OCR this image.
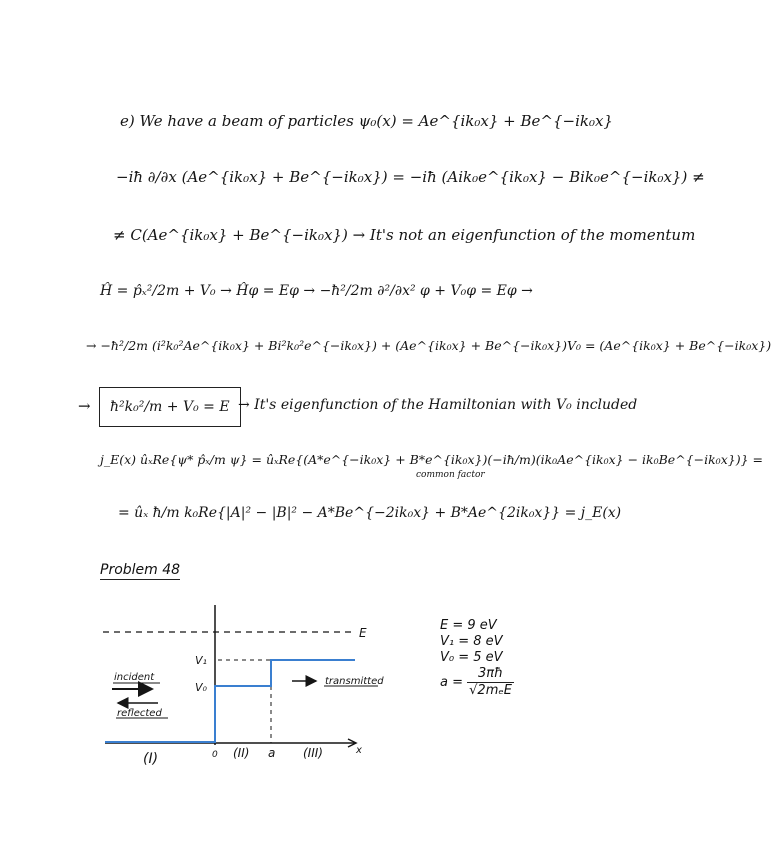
e) We have a beam of particles ψ₀(x) = Ae^{ik₀x} + Be^{−ik₀x}
−iħ ∂/∂x (Ae^{ik₀x} + Be^{−ik₀x}) = −iħ (Aik₀e^{ik₀x} − Bik₀e^{−ik₀x}) ≠
≠ C(Ae^{ik₀x} + Be^{−ik₀x}) → It's not an eigenfunction of the momentum
Ĥ = p̂ₓ²/2m + V₀ → Ĥφ = Eφ → −ħ²/2m ∂²/∂x² φ + V₀φ = Eφ →
→ −ħ²/2m (i²k₀²Ae^{ik₀x} + Bi²k₀²e^{−ik₀x}) + (Ae^{ik₀x} + Be^{−ik₀x})V₀ = (Ae^{ik₀x} + Be^{−ik₀x})
→	ħ²k₀²/m + V₀ = E → It's eigenfunction of the Hamiltonian with V₀ included
j_E(x) ûₓRe{ψ* p̂ₓ/m ψ} = ûₓRe{(A*e^{−ik₀x} + B*e^{ik₀x})(−iħ/m)(ik₀Ae^{ik₀x} − ik₀Be^{−ik₀x})} =
common factor
= ûₓ ħ/m k₀Re{|A|² − |B|² − A*Be^{−2ik₀x} + B*Ae^{2ik₀x}} = j_E(x)
Problem 48
E
V₁
V₀
incident
reflected
transmitted
0	a	x
(I)	(II)	(III)
E = 9 eV
V₁ = 8 eV
V₀ = 5 eV
$a = \frac{3\pi ħ}{\text{√2mₑE}}$
